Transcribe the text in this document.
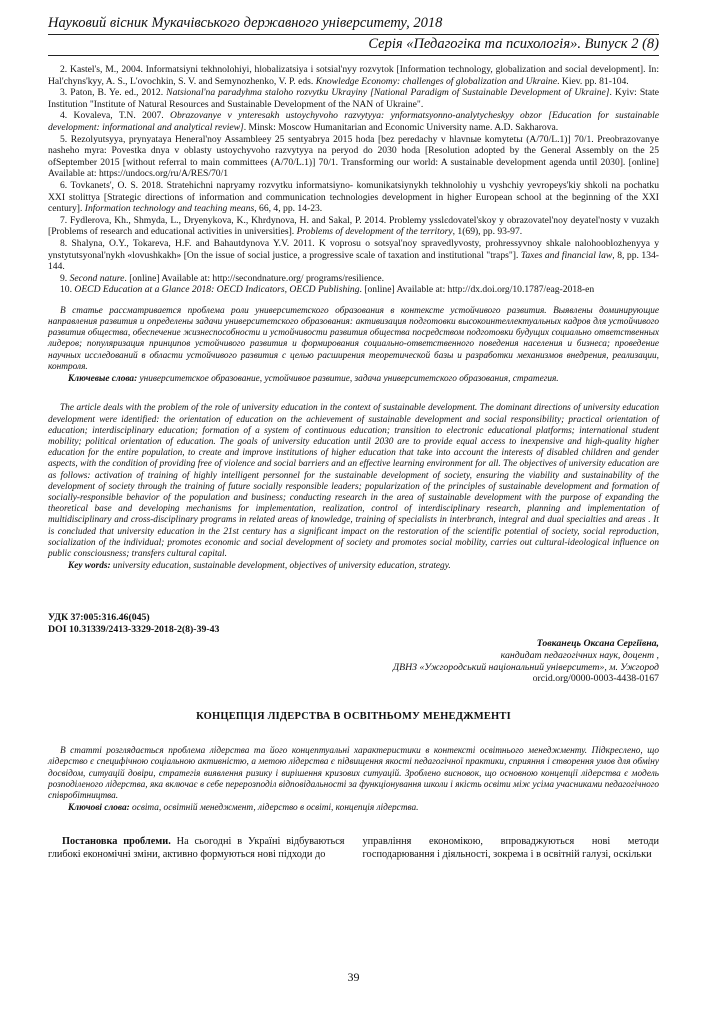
Науковий вісник Мукачівського державного університету, 2018
Серія «Педагогіка та психологія». Випуск 2 (8)

2. Kastel's, M., 2004. Informatsiyni tekhnolohiyi, hlobalizatsiya i sotsial'nyy rozvytok [Information technology, globalization and social development]. In: Hal'chyns'kyy, A. S., L'ovochkin, S. V. and Semynozhenko, V. P. eds. Knowledge Economy: challenges of globalization and Ukraine. Kiev. pp. 81-104.

3. Paton, B. Ye. ed., 2012. Natsional'na paradyhma staloho rozvytku Ukrayiny [National Paradigm of Sustainable Development of Ukraine]. Kyiv: State Institution "Institute of Natural Resources and Sustainable Development of the NAN of Ukraine".

4. Kovaleva, T.N. 2007. Obrazovanye v ynteresakh ustoychyvoho razvytyya: ynformatsyonno-analytycheskyy obzor [Education for sustainable development: informational and analytical review]. Minsk: Moscow Humanitarian and Economic University name. A.D. Sakharova.

5. Rezolyutsyya, prynyataya Heneral'noy Assambleey 25 sentyabrya 2015 hoda [bez peredachy v hlavnыe komytetы (A/70/L.1)] 70/1. Preobrazovanye nasheho myra: Povestka dnya v oblasty ustoychyvoho razvytyya na peryod do 2030 hoda [Resolution adopted by the General Assembly on the 25 ofSeptember 2015 [without referral to main committees (A/70/L.1)] 70/1. Transforming our world: A sustainable development agenda until 2030]. [online] Available at: https://undocs.org/ru/A/RES/70/1

6. Tovkanets', O. S. 2018. Stratehichni napryamy rozvytku informatsiyno- komunikatsiynykh tekhnolohiy u vyshchiy yevropeys'kiy shkoli na pochatku XXI stolittya [Strategic directions of information and communication technologies development in higher European school at the beginning of the XXI century]. Information technology and teaching means, 66, 4, pp. 14-23.

7. Fydlerova, Kh., Shmyda, L., Dryenykova, K., Khrdynova, H. and Sakal, P. 2014. Problemy ysslєdovatel'skoy y obrazovatel'noy deyatel'nosty v vuzakh [Problems of research and educational activities in universities]. Problems of development of the territory, 1(69), pp. 93-97.

8. Shalyna, O.Y., Tokareva, H.F. and Bahautdynova Y.V. 2011. K voprosu o sotsyal'noy spravedlyvosty, prohressyvnoy shkale nalohooblozhenyya y ynstytutsyonal'nykh «lovushkakh» [On the issue of social justice, a progressive scale of taxation and institutional "traps"]. Taxes and financial law, 8, pp. 134-144.

9. Second nature. [online] Available at: http://secondnature.org/ programs/resilience.

10. OECD Education at a Glance 2018: OECD Indicators, OECD Publishing. [online] Available at: http://dx.doi.org/10.1787/eag-2018-en

В статье рассматривается проблема роли университетского образования в контексте устойчивого развития. Выявлены доминирующие направления развития и определены задачи университетского образования: активизация подготовки высокоинтеллектуальных кадров для устойчивого развития общества, обеспечение жизнеспособности и устойчивости развития общества посредством подготовки будущих социально ответственных лидеров; популяризация принципов устойчивого развития и формирования социально-ответственного поведения населения и бизнеса; проведение научных исследований в области устойчивого развития с целью расширения теоретической базы и разработки механизмов внедрения, реализации, контроля.

Ключевые слова: университетское образование, устойчивое развитие, задача университетского образования, стратегия.

The article deals with the problem of the role of university education in the context of sustainable development. The dominant directions of university education development were identified: the orientation of education on the achievement of sustainable development and social responsibility; practical orientation of education; interdisciplinary education; formation of a system of continuous education; transition to electronic educational platforms; international student mobility; political orientation of education. The goals of university education until 2030 are to provide equal access to inexpensive and high-quality higher education for the entire population, to create and improve institutions of higher education that take into account the interests of disabled children and gender aspects, with the condition of providing free of violence and social barriers and an effective learning environment for all. The objectives of university education are as follows: activation of training of highly intelligent personnel for the sustainable development of society, ensuring the viability and sustainability of the development of society through the training of future socially responsible leaders; popularization of the principles of sustainable development and formation of socially-responsible behavior of the population and business; conducting research in the area of sustainable development with the purpose of expanding the theoretical base and developing mechanisms for implementation, realization, control of interdisciplinary research, planning and implementation of multidisciplinary and cross-disciplinary programs in related areas of knowledge, training of specialists in interbranch, integral and dual specialties and areas . It is concluded that university education in the 21st century has a significant impact on the restoration of the scientific potential of society, social reproduction, socialization of the individual; promotes economic and social development of society and promotes social mobility, carries out cultural-ideological influence on public consciousness; transfers cultural capital.

Key words: university education, sustainable development, objectives of university education, strategy.

УДК 37:005:316.46(045)
DOI 10.31339/2413-3329-2018-2(8)-39-43
Товканець Оксана Сергіївна,
кандидат педагогічних наук, доцент ,
ДВНЗ «Ужгородський національний університет», м. Ужгород
orcid.org/0000-0003-4438-0167
КОНЦЕПЦІЯ ЛІДЕРСТВА В ОСВІТНЬОМУ МЕНЕДЖМЕНТІ

В статті розглядається проблема лідерства та його концептуальні характеристики в контексті освітнього менеджменту. Підкреслено, що лідерство є специфічною соціальною активністю, а метою лідерства є підвищення якості педагогічної практики, сприяння і створення умов для обміну досвідом, ситуацій довіри, стратегія виявлення ризику і вирішення кризових ситуацій. Зроблено висновок, що основною концепції лідерства є модель розподіленого лідерства, яка включає в себе перерозподіл відповідальності за функціонування школи і якість освіти між усіма учасниками педагогічного співробітництва.

Ключові слова: освіта, освітній менеджмент, лідерство в освіті, концепція лідерства.

Постановка проблеми. На сьогодні в Україні відбуваються глибокі економічні зміни, активно формуються нові підходи до
управління економікою, впроваджуються нові методи господарювання і діяльності, зокрема і в освітній галузі, оскільки
39
